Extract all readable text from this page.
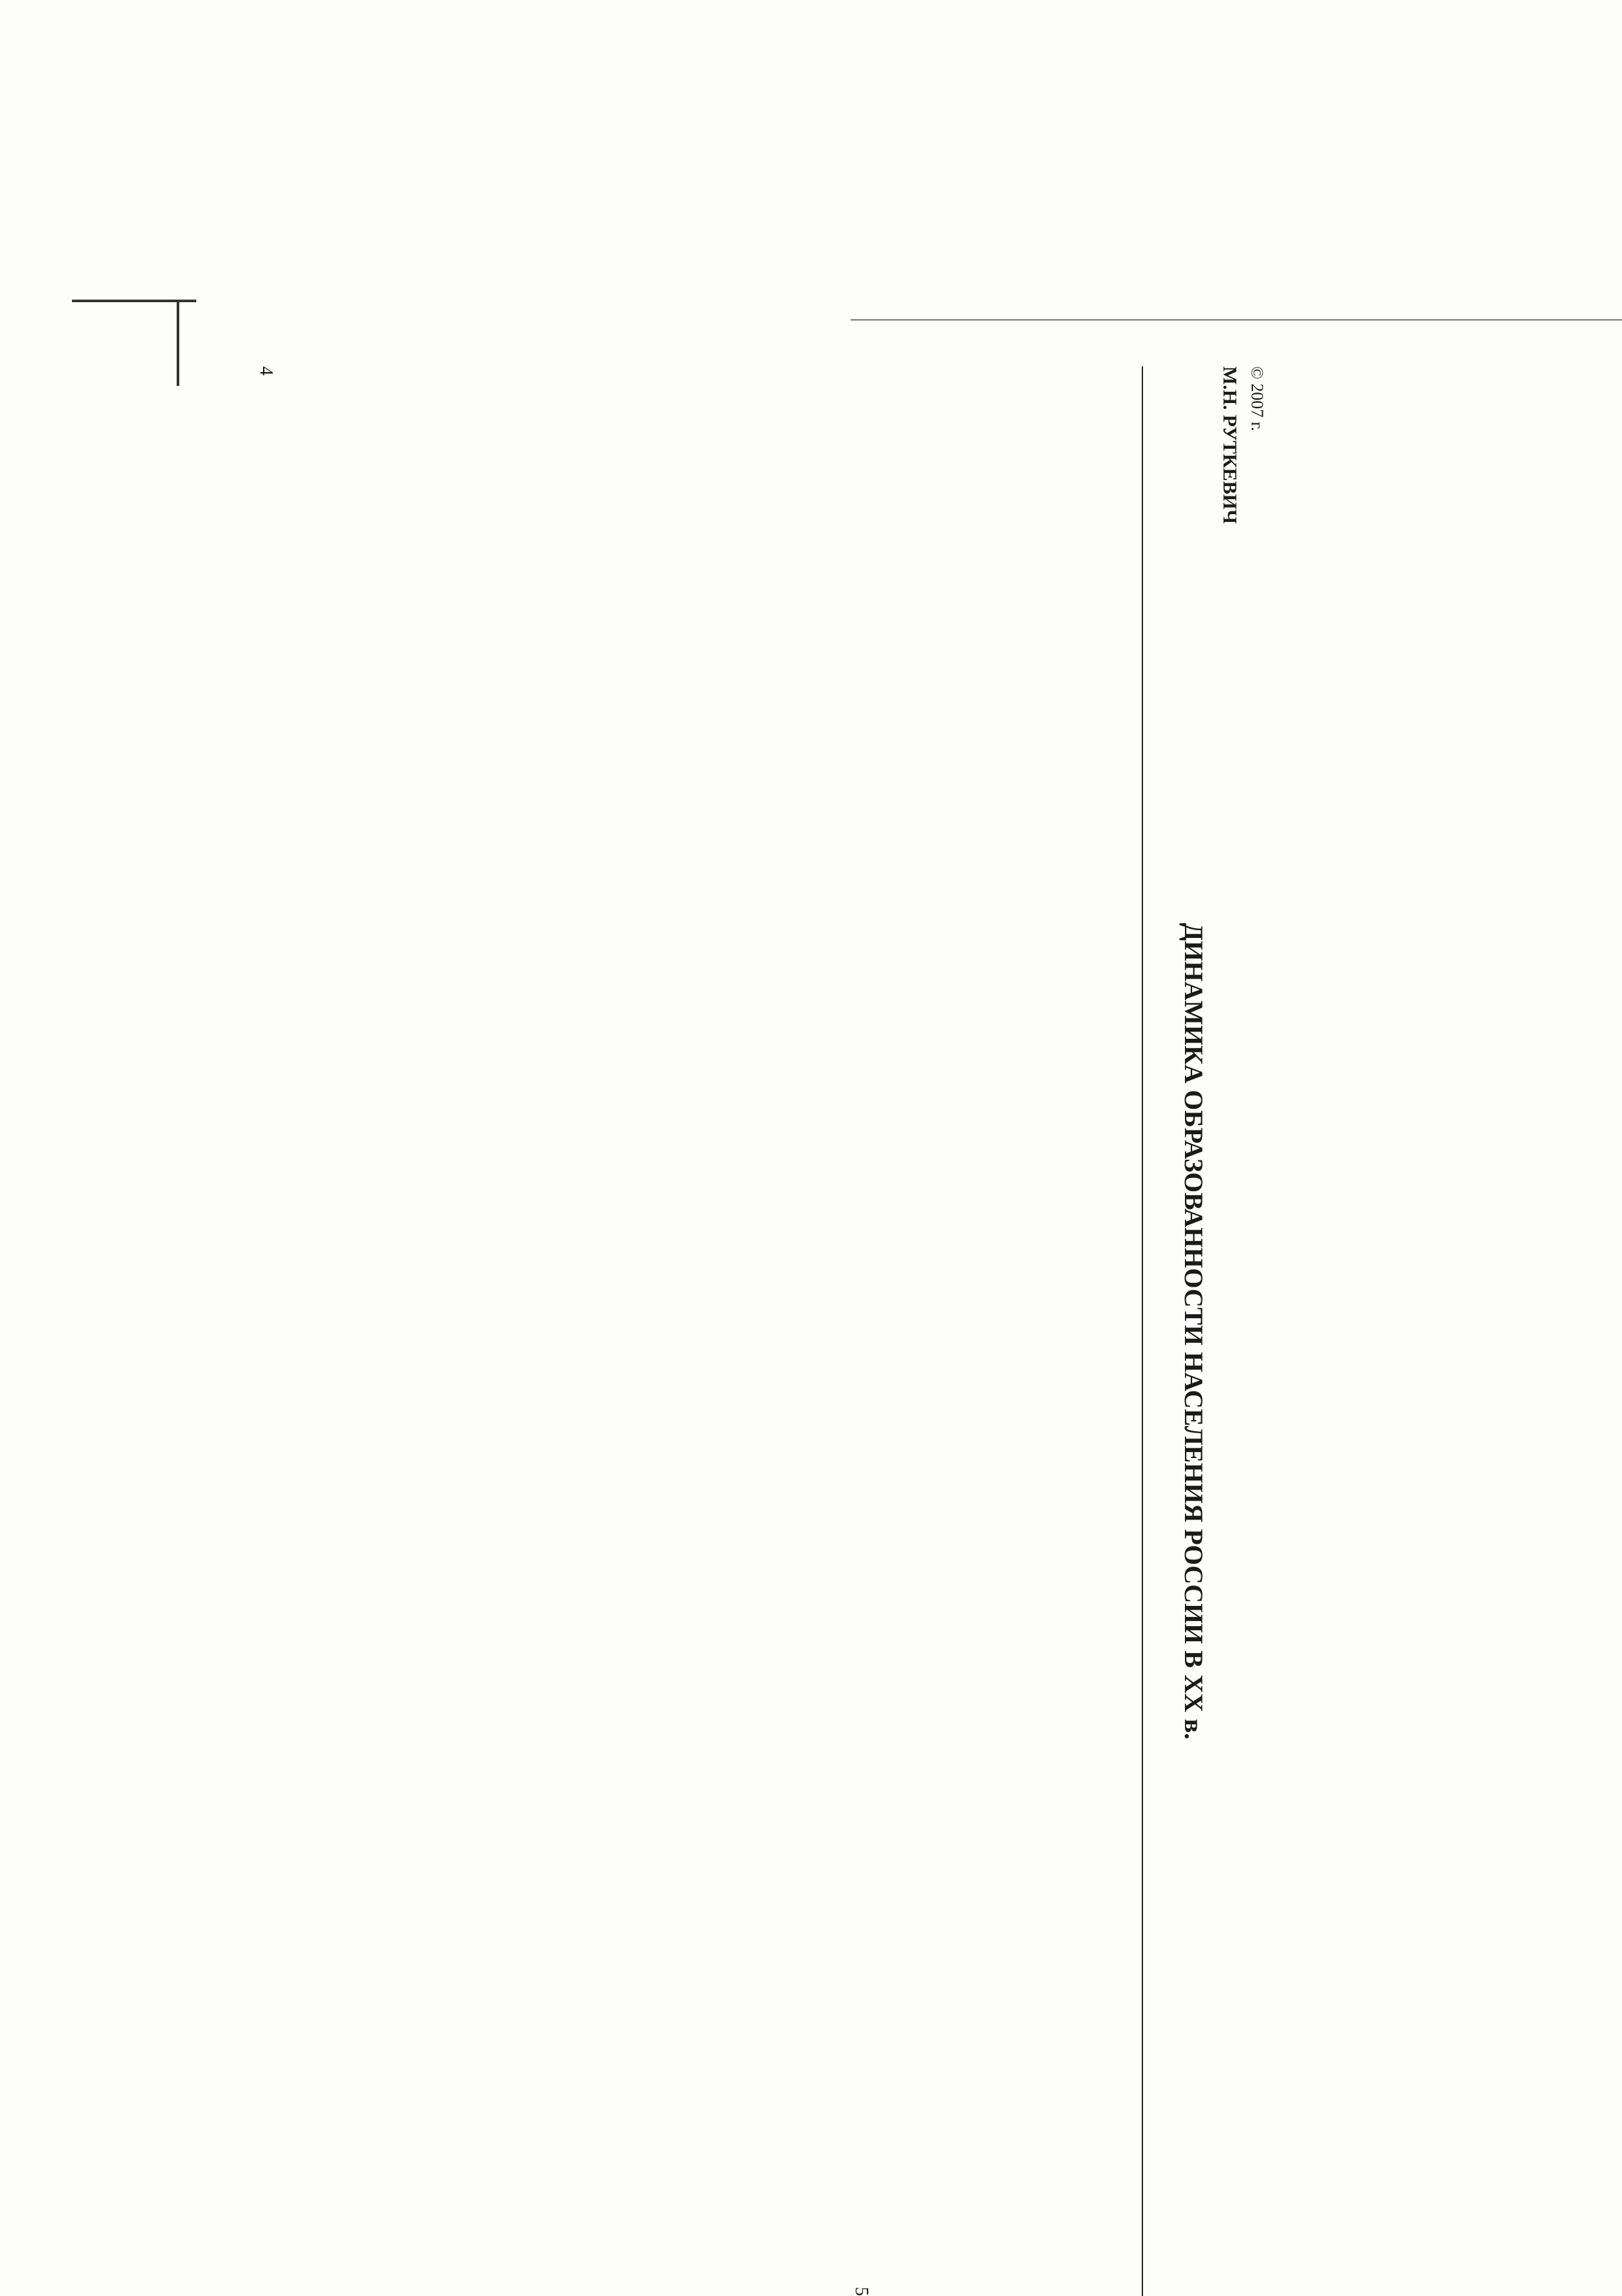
4	© 2007 г.
М.Н. РУТКЕВИЧ
ДИНАМИКА ОБРАЗОВАННОСТИ НАСЕЛЕНИЯ РОССИИ В XX в.

5
